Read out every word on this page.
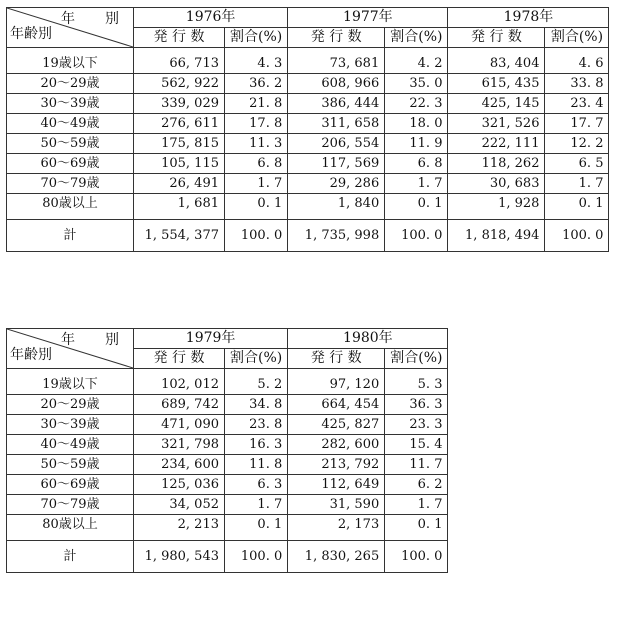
年　別
年齢別	1976年		1977年		1978年	
	発 行 数	割合(%)	発 行 数	割合(%)	発 行 数	割合(%)
19歳以下	66, 713	4. 3	73, 681	4. 2	83, 404	4. 6
20〜29歳	562, 922	36. 2	608, 966	35. 0	615, 435	33. 8
30〜39歳	339, 029	21. 8	386, 444	22. 3	425, 145	23. 4
40〜49歳	276, 611	17. 8	311, 658	18. 0	321, 526	17. 7
50〜59歳	175, 815	11. 3	206, 554	11. 9	222, 111	12. 2
60〜69歳	105, 115	6. 8	117, 569	6. 8	118, 262	6. 5
70〜79歳	26, 491	1. 7	29, 286	1. 7	30, 683	1. 7
80歳以上	1, 681	0. 1	1, 840	0. 1	1, 928	0. 1
計	1, 554, 377	100. 0	1, 735, 998	100. 0	1, 818, 494	100. 0
年　別
年齢別	1979年		1980年	
	発 行 数	割合(%)	発 行 数	割合(%)
19歳以下	102, 012	5. 2	97, 120	5. 3
20〜29歳	689, 742	34. 8	664, 454	36. 3
30〜39歳	471, 090	23. 8	425, 827	23. 3
40〜49歳	321, 798	16. 3	282, 600	15. 4
50〜59歳	234, 600	11. 8	213, 792	11. 7
60〜69歳	125, 036	6. 3	112, 649	6. 2
70〜79歳	34, 052	1. 7	31, 590	1. 7
80歳以上	2, 213	0. 1	2, 173	0. 1
計	1, 980, 543	100. 0	1, 830, 265	100. 0
